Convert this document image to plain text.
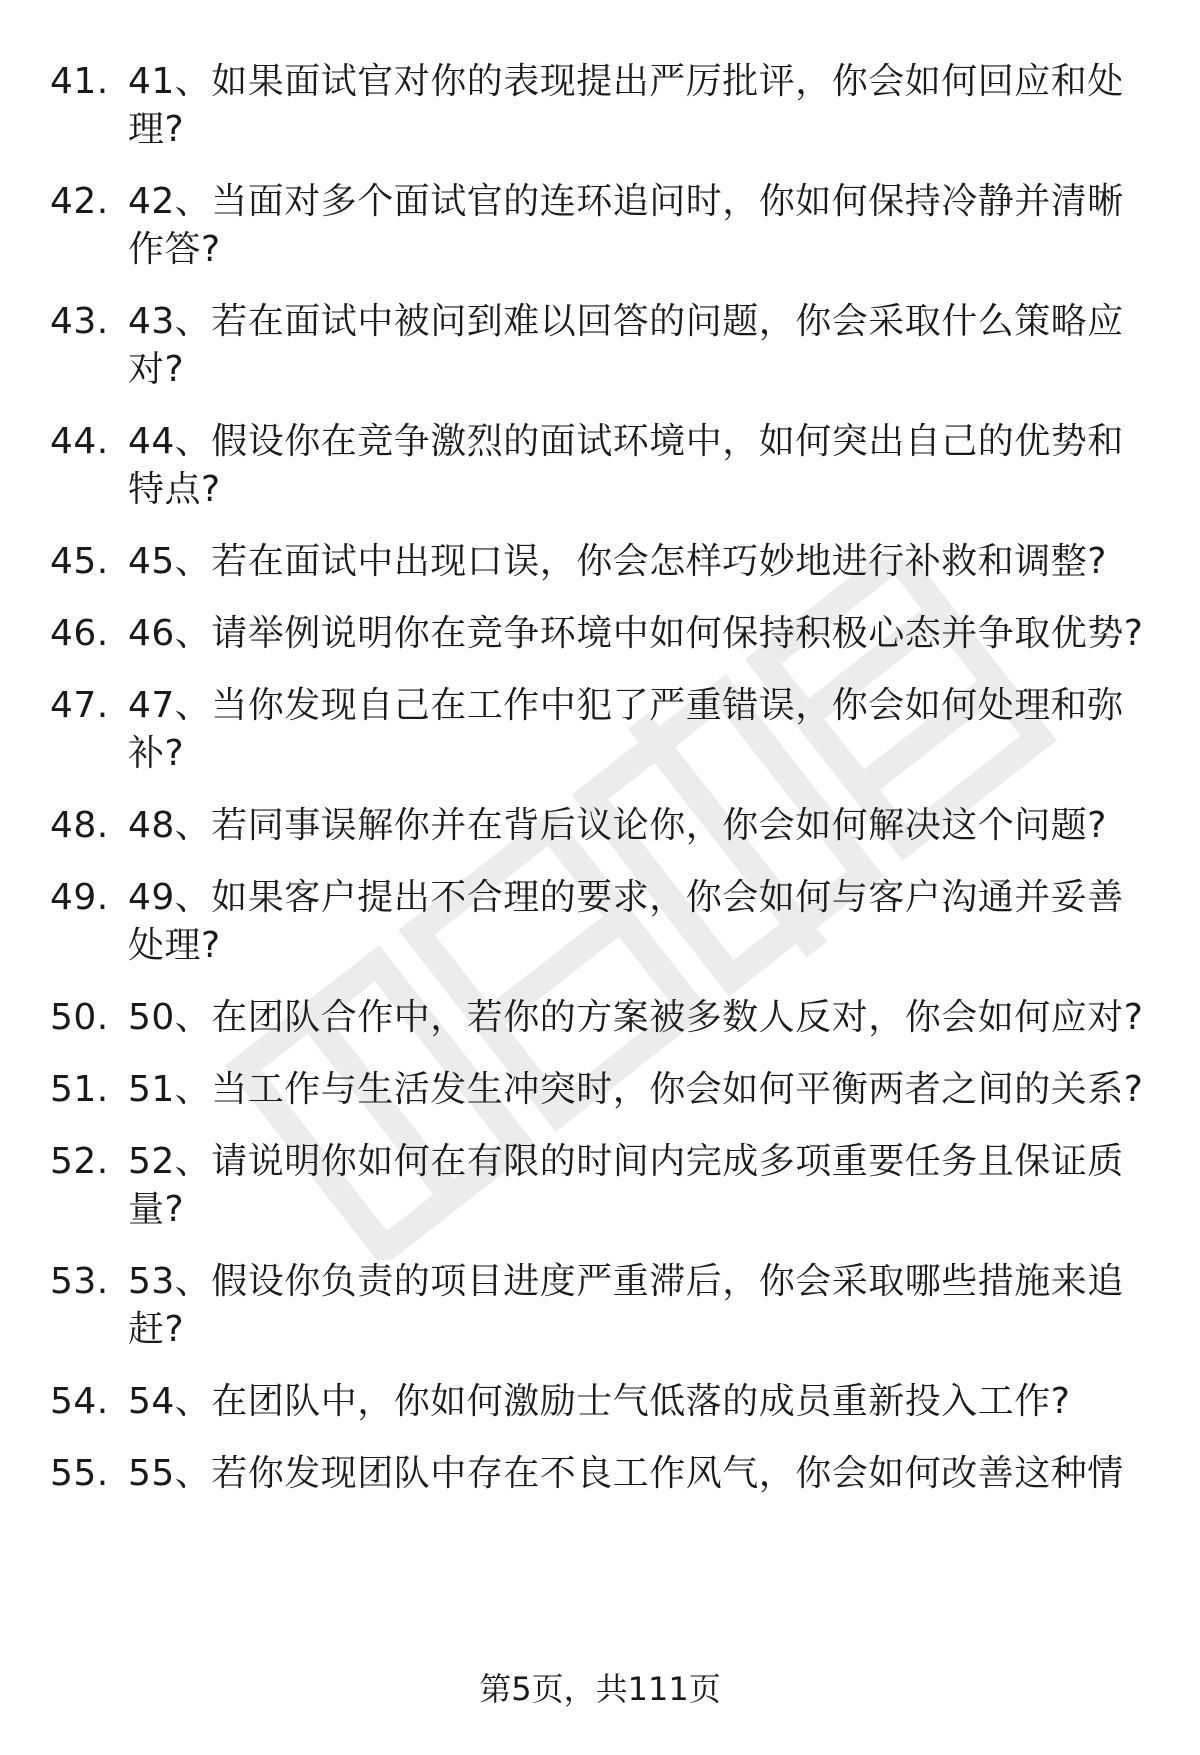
41. 41、如果面试官对你的表现提出严厉批评，你会如何回应和处理?
42. 42、当面对多个面试官的连环追问时，你如何保持冷静并清晰作答?
43. 43、若在面试中被问到难以回答的问题，你会采取什么策略应对?
44. 44、假设你在竞争激烈的面试环境中，如何突出自己的优势和特点?
45. 45、若在面试中出现口误，你会怎样巧妙地进行补救和调整?
46. 46、请举例说明你在竞争环境中如何保持积极心态并争取优势?
47. 47、当你发现自己在工作中犯了严重错误，你会如何处理和弥补?
48. 48、若同事误解你并在背后议论你，你会如何解决这个问题?
49. 49、如果客户提出不合理的要求，你会如何与客户沟通并妥善处理?
50. 50、在团队合作中，若你的方案被多数人反对，你会如何应对?
51. 51、当工作与生活发生冲突时，你会如何平衡两者之间的关系?
52. 52、请说明你如何在有限的时间内完成多项重要任务且保证质量?
53. 53、假设你负责的项目进度严重滞后，你会采取哪些措施来追赶?
54. 54、在团队中，你如何激励士气低落的成员重新投入工作?
55. 55、若你发现团队中存在不良工作风气，你会如何改善这种情
第5页，共111页
